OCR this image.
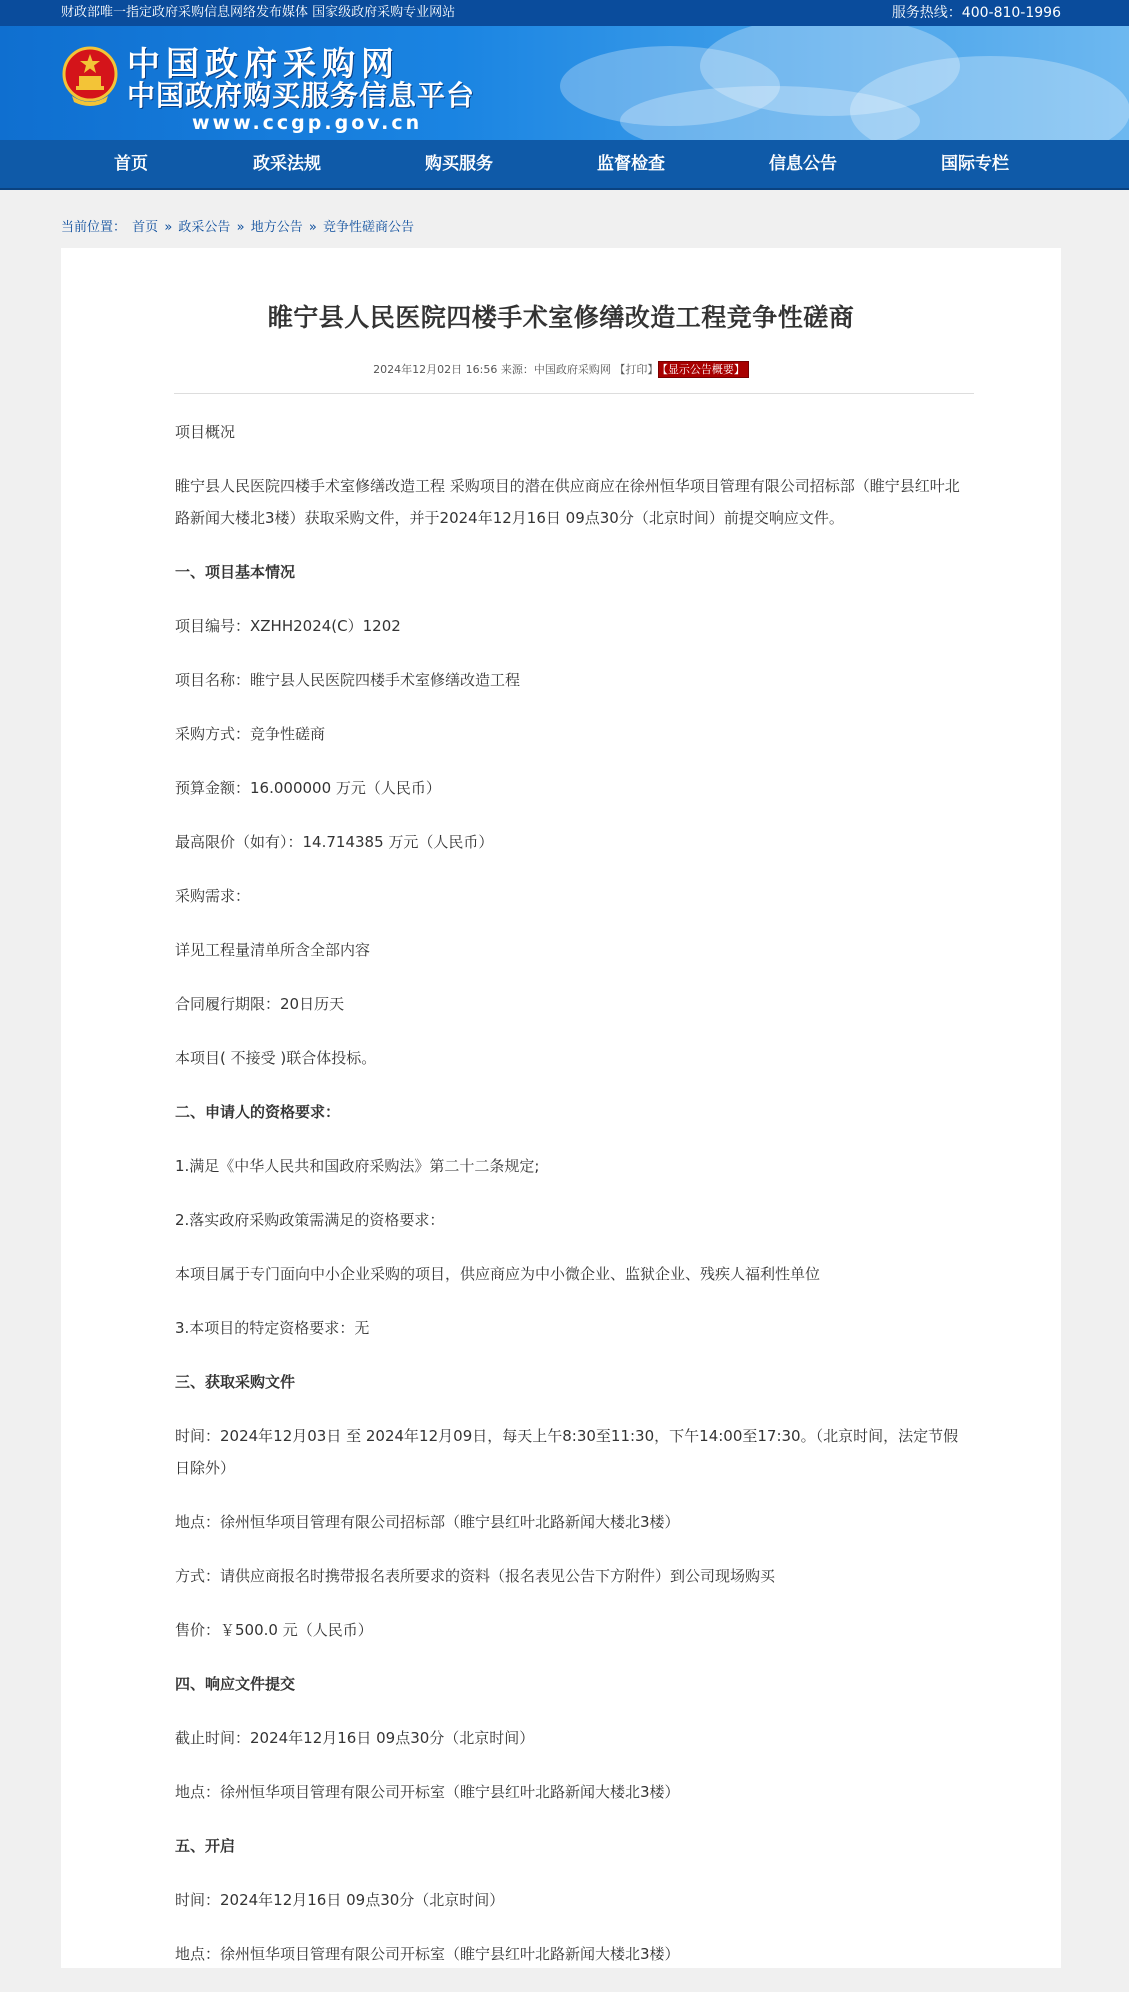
财政部唯一指定政府采购信息网络发布媒体 国家级政府采购专业网站	服务热线：400-810-1996
中国政府采购网
中国政府购买服务信息平台
www.ccgp.gov.cn
首页	政采法规	购买服务	监督检查	信息公告	国际专栏
当前位置： 首页 » 政采公告 » 地方公告 » 竞争性磋商公告
睢宁县人民医院四楼手术室修缮改造工程竞争性磋商
2024年12月02日 16:56 来源：中国政府采购网 【打印】 【显示公告概要】

项目概况

睢宁县人民医院四楼手术室修缮改造工程 采购项目的潜在供应商应在徐州恒华项目管理有限公司招标部（睢宁县红叶北路新闻大楼北3楼）获取采购文件，并于2024年12月16日 09点30分（北京时间）前提交响应文件。

一、项目基本情况

项目编号：XZHH2024(C）1202

项目名称：睢宁县人民医院四楼手术室修缮改造工程

采购方式：竞争性磋商

预算金额：16.000000 万元（人民币）

最高限价（如有）：14.714385 万元（人民币）

采购需求：

详见工程量清单所含全部内容

合同履行期限：20日历天

本项目( 不接受 )联合体投标。

二、申请人的资格要求：

1.满足《中华人民共和国政府采购法》第二十二条规定;

2.落实政府采购政策需满足的资格要求：

本项目属于专门面向中小企业采购的项目，供应商应为中小微企业、监狱企业、残疾人福利性单位

3.本项目的特定资格要求：无

三、获取采购文件

时间：2024年12月03日 至 2024年12月09日，每天上午8:30至11:30，下午14:00至17:30。（北京时间，法定节假日除外）

地点：徐州恒华项目管理有限公司招标部（睢宁县红叶北路新闻大楼北3楼）

方式：请供应商报名时携带报名表所要求的资料（报名表见公告下方附件）到公司现场购买

售价：￥500.0 元（人民币）

四、响应文件提交

截止时间：2024年12月16日 09点30分（北京时间）

地点：徐州恒华项目管理有限公司开标室（睢宁县红叶北路新闻大楼北3楼）

五、开启

时间：2024年12月16日 09点30分（北京时间）

地点：徐州恒华项目管理有限公司开标室（睢宁县红叶北路新闻大楼北3楼）
